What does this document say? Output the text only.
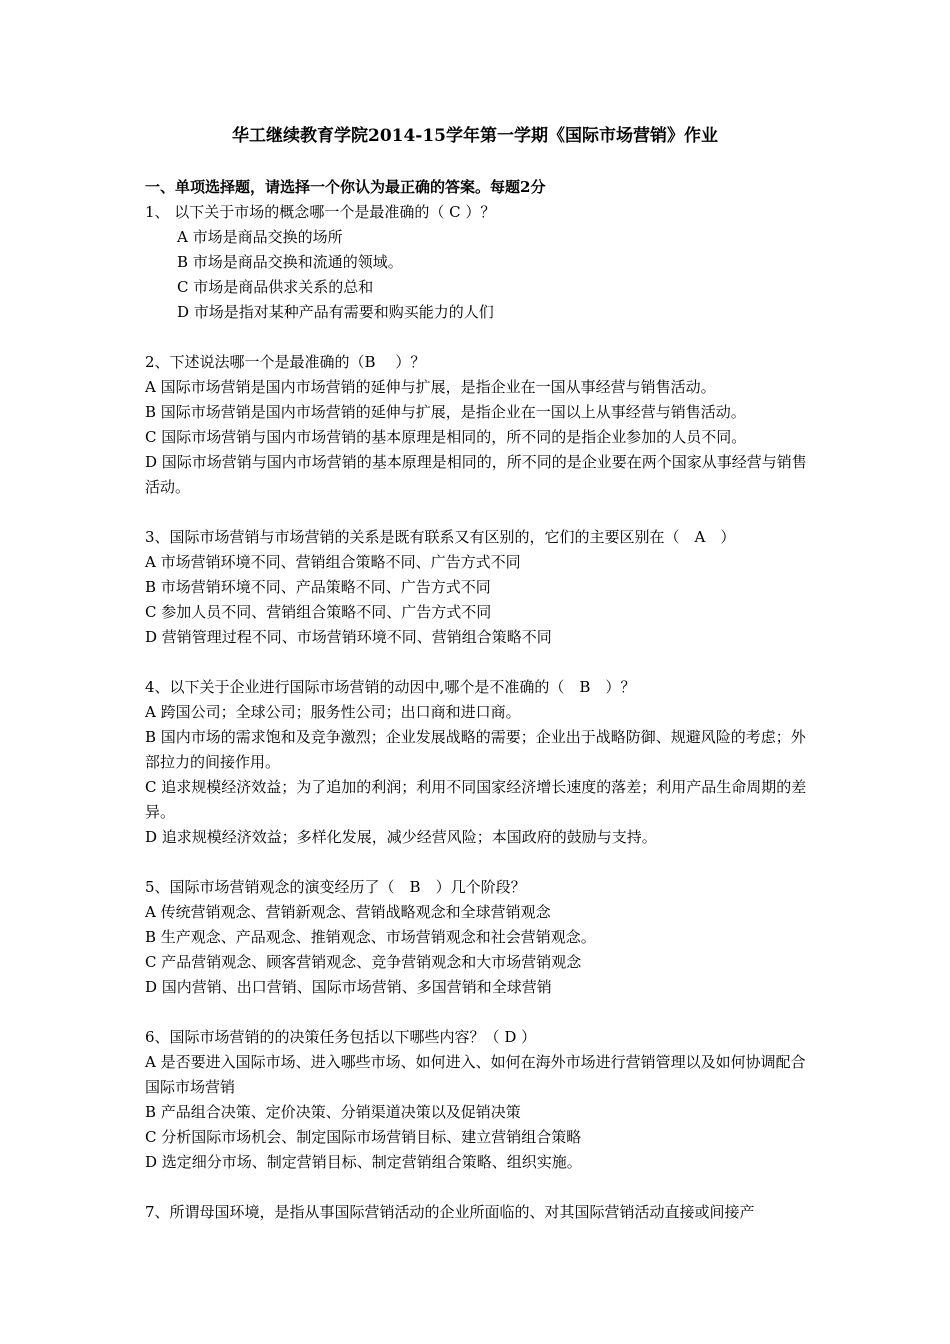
华工继续教育学院2014-15学年第一学期《国际市场营销》作业
一、单项选择题，请选择一个你认为最正确的答案。每题2分

1、 以下关于市场的概念哪一个是最准确的（ C ）？

A 市场是商品交换的场所

B 市场是商品交换和流通的领域。

C 市场是商品供求关系的总和

D 市场是指对某种产品有需要和购买能力的人们

2、下述说法哪一个是最准确的（B　 ）？

A 国际市场营销是国内市场营销的延伸与扩展，是指企业在一国从事经营与销售活动。

B 国际市场营销是国内市场营销的延伸与扩展，是指企业在一国以上从事经营与销售活动。

C 国际市场营销与国内市场营销的基本原理是相同的，所不同的是指企业参加的人员不同。

D 国际市场营销与国内市场营销的基本原理是相同的，所不同的是企业要在两个国家从事经营与销售活动。

3、国际市场营销与市场营销的关系是既有联系又有区别的，它们的主要区别在（　A　）

A 市场营销环境不同、营销组合策略不同、广告方式不同

B 市场营销环境不同、产品策略不同、广告方式不同

C 参加人员不同、营销组合策略不同、广告方式不同

D 营销管理过程不同、市场营销环境不同、营销组合策略不同

4、以下关于企业进行国际市场营销的动因中,哪个是不准确的（　B　）？

A 跨国公司；全球公司；服务性公司；出口商和进口商。

B 国内市场的需求饱和及竞争激烈；企业发展战略的需要；企业出于战略防御、规避风险的考虑；外部拉力的间接作用。

C 追求规模经济效益；为了追加的利润；利用不同国家经济增长速度的落差；利用产品生命周期的差异。

D 追求规模经济效益；多样化发展，减少经营风险；本国政府的鼓励与支持。

5、国际市场营销观念的演变经历了（　B　）几个阶段？

A 传统营销观念、营销新观念、营销战略观念和全球营销观念

B 生产观念、产品观念、推销观念、市场营销观念和社会营销观念。

C 产品营销观念、顾客营销观念、竞争营销观念和大市场营销观念

D 国内营销、出口营销、国际市场营销、多国营销和全球营销

6、国际市场营销的的决策任务包括以下哪些内容？（ D ）

A 是否要进入国际市场、进入哪些市场、如何进入、如何在海外市场进行营销管理以及如何协调配合国际市场营销

B 产品组合决策、定价决策、分销渠道决策以及促销决策

C 分析国际市场机会、制定国际市场营销目标、建立营销组合策略

D 选定细分市场、制定营销目标、制定营销组合策略、组织实施。

7、所谓母国环境，是指从事国际营销活动的企业所面临的、对其国际营销活动直接或间接产
